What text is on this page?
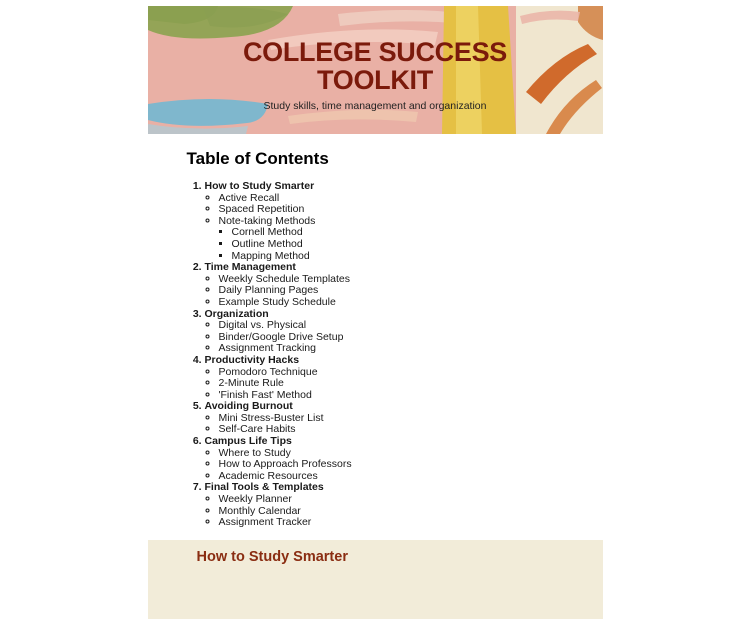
COLLEGE SUCCESS TOOLKIT
Study skills, time management and organization
Table of Contents
1. How to Study Smarter
◦ Active Recall
◦ Spaced Repetition
◦ Note-taking Methods
▪ Cornell Method
▪ Outline Method
▪ Mapping Method
2. Time Management
◦ Weekly Schedule Templates
◦ Daily Planning Pages
◦ Example Study Schedule
3. Organization
◦ Digital vs. Physical
◦ Binder/Google Drive Setup
◦ Assignment Tracking
4. Productivity Hacks
◦ Pomodoro Technique
◦ 2-Minute Rule
◦ 'Finish Fast' Method
5. Avoiding Burnout
◦ Mini Stress-Buster List
◦ Self-Care Habits
6. Campus Life Tips
◦ Where to Study
◦ How to Approach Professors
◦ Academic Resources
7. Final Tools & Templates
◦ Weekly Planner
◦ Monthly Calendar
◦ Assignment Tracker
How to Study Smarter
